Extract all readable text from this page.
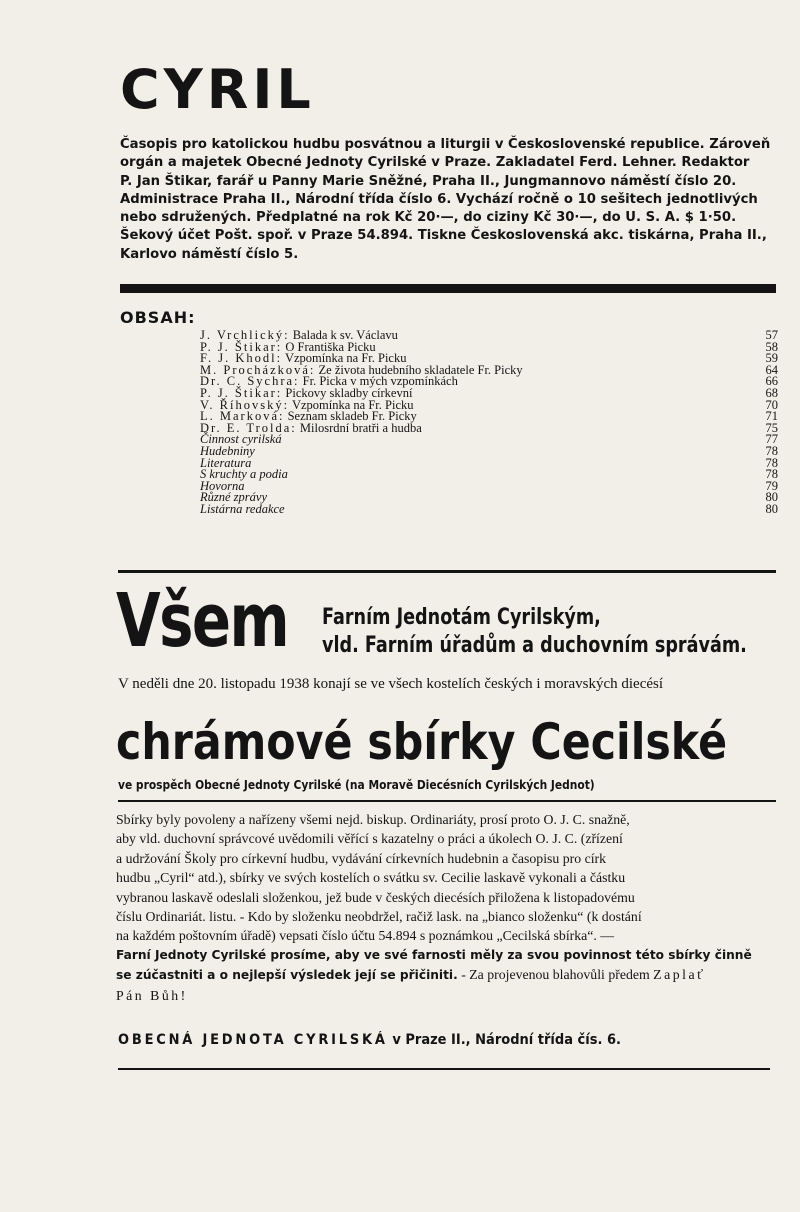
CYRIL

Časopis pro katolickou hudbu posvátnou a liturgii v Československé republice. Zároveň
orgán a majetek Obecné Jednoty Cyrilské v Praze. Zakladatel Ferd. Lehner. Redaktor
P. Jan Štikar, farář u Panny Marie Sněžné, Praha II., Jungmannovo náměstí číslo 20.
Administrace Praha II., Národní třída číslo 6. Vychází ročně o 10 sešitech jednotlivých
nebo sdružených. Předplatné na rok Kč 20·—, do ciziny Kč 30·—, do U. S. A. $ 1·50.
Šekový účet Pošt. spoř. v Praze 54.894. Tiskne Československá akc. tiskárna, Praha II.,
Karlovo náměstí číslo 5.

OBSAH:
J. Vrchlický: Balada k sv. Václavu	57
P. J. Štikar: O Františka Picku	58
F. J. Khodl: Vzpomínka na Fr. Picku	59
M. Procházková: Ze života hudebního skladatele Fr. Picky	64
Dr. C. Sychra: Fr. Picka v mých vzpomínkách	66
P. J. Štikar: Pickovy skladby církevní	68
V. Říhovský: Vzpomínka na Fr. Picku	70
L. Marková: Seznam skladeb Fr. Picky	71
Dr. E. Trolda: Milosrdní bratři a hudba	75
Činnost cyrilská	77
Hudebniny	78
Literatura	78
S kruchty a podia	78
Hovorna	79
Různé zprávy	80
Listárna redakce	80
Všem Farním Jednotám Cyrilským,
vld. Farním úřadům a duchovním správám.

V neděli dne 20. listopadu 1938 konají se ve všech kostelích českých i moravských diecésí

chrámové sbírky Cecilské

ve prospěch Obecné Jednoty Cyrilské (na Moravě Diecésních Cyrilských Jednot)

Sbírky byly povoleny a nařízeny všemi nejd. biskup. Ordinariáty, prosí proto O. J. C. snažně,
aby vld. duchovní správcové uvědomili věřící s kazatelny o práci a úkolech O. J. C. (zřízení
a udržování Školy pro církevní hudbu, vydávání církevních hudebnin a časopisu pro círk
hudbu „Cyril“ atd.), sbírky ve svých kostelích o svátku sv. Cecilie laskavě vykonali a částku
vybranou laskavě odeslali složenkou, jež bude v českých diecésích přiložena k listopadovému
číslu Ordinariát. listu. - Kdo by složenku neobdržel, račiž lask. na „bianco složenku“ (k dostání
na každém poštovním úřadě) vepsati číslo účtu 54.894 s poznámkou „Cecilská sbírka“. —
Farní Jednoty Cyrilské prosíme, aby ve své farnosti měly za svou povinnost této sbírky činně
se zúčastniti a o nejlepší výsledek její se přičiniti. - Za projevenou blahovůli předem Zaplať
Pán Bůh!

OBECNÁ JEDNOTA CYRILSKÁ v Praze II., Národní třída čís. 6.
